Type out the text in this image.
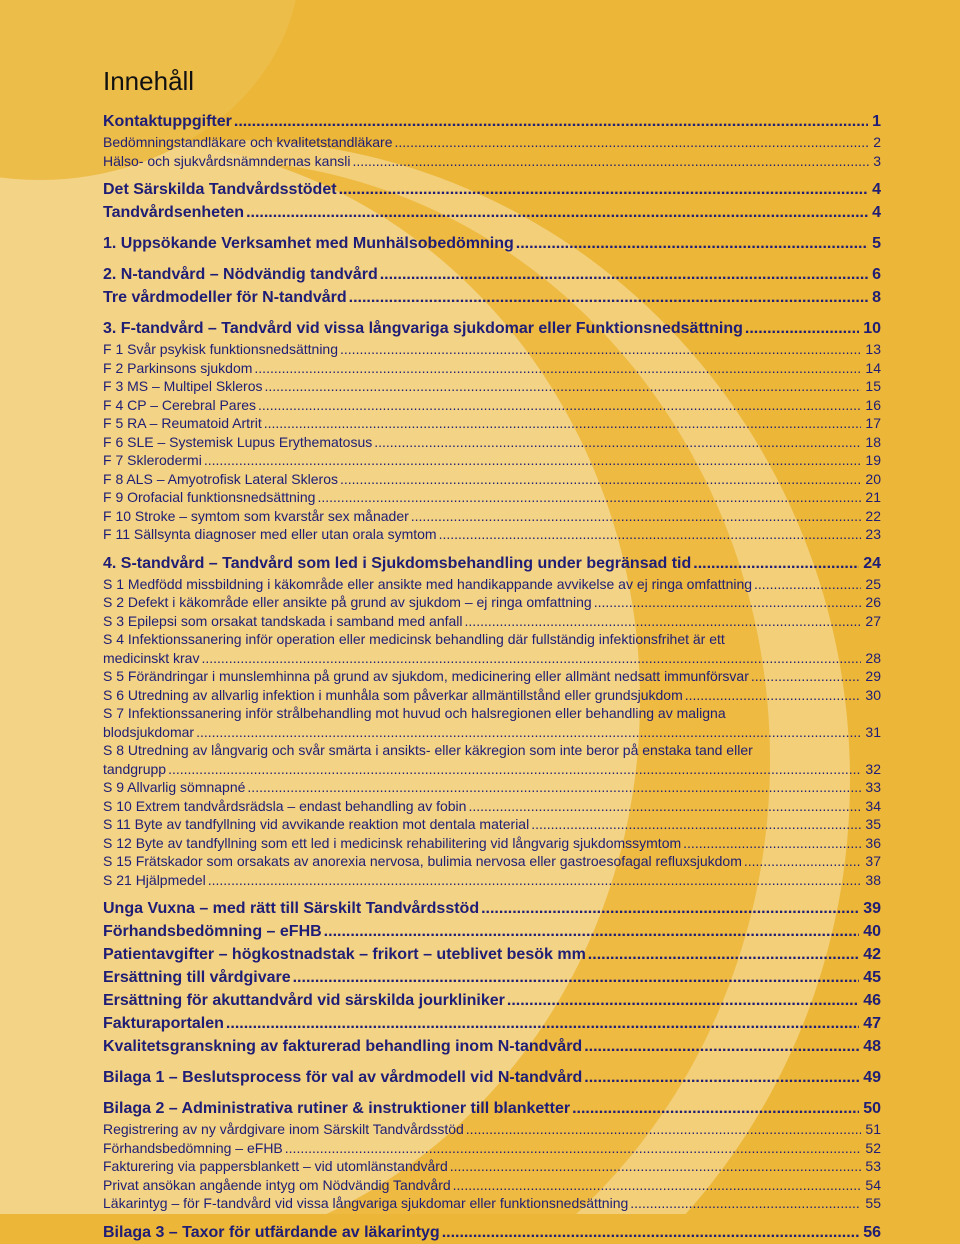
Innehåll
Kontaktuppgifter .....	1
Bedömningstandläkare och kvalitetstandläkare .....	2
Hälso- och sjukvårdsnämndernas kansli .....	3
Det Särskilda Tandvårdsstödet .....	4
Tandvårdsenheten .....	4
1. Uppsökande Verksamhet med Munhälsobedömning .....	5
2. N-tandvård – Nödvändig tandvård .....	6
Tre vårdmodeller för N-tandvård .....	8
3. F-tandvård – Tandvård vid vissa långvariga sjukdomar eller Funktionsnedsättning .....	10
F 1 Svår psykisk funktionsnedsättning .....	13
F 2 Parkinsons sjukdom .....	14
F 3 MS – Multipel Skleros .....	15
F 4 CP – Cerebral Pares .....	16
F 5 RA – Reumatoid Artrit .....	17
F 6 SLE – Systemisk Lupus Erythematosus .....	18
F 7 Sklerodermi .....	19
F 8 ALS – Amyotrofisk Lateral Skleros .....	20
F 9 Orofacial funktionsnedsättning .....	21
F 10 Stroke – symtom som kvarstår sex månader .....	22
F 11 Sällsynta diagnoser med eller utan orala symtom .....	23
4. S-tandvård – Tandvård som led i Sjukdomsbehandling under begränsad tid .....	24
S 1 Medfödd missbildning i käkområde eller ansikte med handikappande avvikelse av ej ringa omfattning .....	25
S 2 Defekt i käkområde eller ansikte på grund av sjukdom – ej ringa omfattning .....	26
S 3 Epilepsi som orsakat tandskada i samband med anfall .....	27
S 4 Infektionssanering inför operation eller medicinsk behandling där fullständig infektionsfrihet är ett
medicinskt krav .....	28
S 5 Förändringar i munslemhinna på grund av sjukdom, medicinering eller allmänt nedsatt immunförsvar .....	29
S 6 Utredning av allvarlig infektion i munhåla som påverkar allmäntillstånd eller grundsjukdom .....	30
S 7 Infektionssanering inför strålbehandling mot huvud och halsregionen eller behandling av maligna
blodsjukdomar .....	31
S 8 Utredning av långvarig och svår smärta i ansikts- eller käkregion som inte beror på enstaka tand eller
tandgrupp .....	32
S 9 Allvarlig sömnapné .....	33
S 10 Extrem tandvårdsrädsla – endast behandling av fobin .....	34
S 11 Byte av tandfyllning vid avvikande reaktion mot dentala material .....	35
S 12 Byte av tandfyllning som ett led i medicinsk rehabilitering vid långvarig sjukdomssymtom .....	36
S 15 Frätskador som orsakats av anorexia nervosa, bulimia nervosa eller gastroesofagal refluxsjukdom .....	37
S 21 Hjälpmedel .....	38
Unga Vuxna – med rätt till Särskilt Tandvårdsstöd .....	39
Förhandsbedömning – eFHB .....	40
Patientavgifter – högkostnadstak – frikort – uteblivet besök mm .....	42
Ersättning till vårdgivare .....	45
Ersättning för akuttandvård vid särskilda jourkliniker .....	46
Fakturaportalen .....	47
Kvalitetsgranskning av fakturerad behandling inom N-tandvård .....	48
Bilaga 1 – Beslutsprocess för val av vårdmodell vid N-tandvård .....	49
Bilaga 2 – Administrativa rutiner & instruktioner till blanketter .....	50
Registrering av ny vårdgivare inom Särskilt Tandvårdsstöd .....	51
Förhandsbedömning – eFHB .....	52
Fakturering via pappersblankett – vid utomlänstandvård .....	53
Privat ansökan angående intyg om Nödvändig Tandvård .....	54
Läkarintyg – för F-tandvård vid vissa långvariga sjukdomar eller funktionsnedsättning .....	55
Bilaga 3 – Taxor för utfärdande av läkarintyg .....	56
